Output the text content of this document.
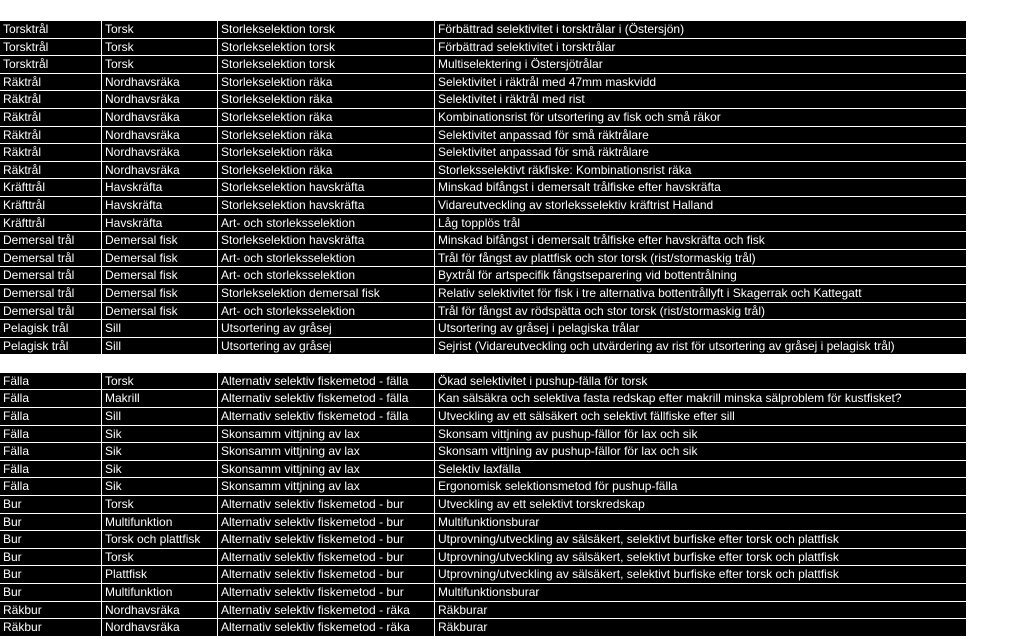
Torsktrål	Torsk	Storlekselektion torsk	Förbättrad selektivitet i torsktrålar i (Östersjön)
Torsktrål	Torsk	Storlekselektion torsk	Förbättrad selektivitet i torsktrålar
Torsktrål	Torsk	Storlekselektion torsk	Multiselektering i Östersjötrålar
Räktrål	Nordhavsräka	Storlekselektion räka	Selektivitet i räktrål med 47mm maskvidd
Räktrål	Nordhavsräka	Storlekselektion räka	Selektivitet i räktrål med rist
Räktrål	Nordhavsräka	Storlekselektion räka	Kombinationsrist för utsortering av fisk och små räkor
Räktrål	Nordhavsräka	Storlekselektion räka	Selektivitet anpassad för små räktrålare
Räktrål	Nordhavsräka	Storlekselektion räka	Selektivitet anpassad för små räktrålare
Räktrål	Nordhavsräka	Storlekselektion räka	Storleksselektivt räkfiske: Kombinationsrist räka
Kräfttrål	Havskräfta	Storlekselektion havskräfta	Minskad bifångst i demersalt trålfiske efter havskräfta
Kräfttrål	Havskräfta	Storlekselektion havskräfta	Vidareutveckling av storleksselektiv kräftrist Halland
Kräfttrål	Havskräfta	Art- och storleksselektion	Låg topplös trål
Demersal trål	Demersal fisk	Storlekselektion havskräfta	Minskad bifångst i demersalt trålfiske efter havskräfta och fisk
Demersal trål	Demersal fisk	Art- och storleksselektion	Trål för fångst av plattfisk och stor torsk (rist/stormaskig trål)
Demersal trål	Demersal fisk	Art- och storleksselektion	Byxtrål för artspecifik fångstseparering vid bottentrålning
Demersal trål	Demersal fisk	Storlekselektion demersal fisk	Relativ selektivitet för fisk i tre alternativa bottentrållyft i Skagerrak och Kattegatt
Demersal trål	Demersal fisk	Art- och storleksselektion	Trål för fångst av rödspätta och stor torsk (rist/stormaskig trål)
Pelagisk trål	Sill	Utsortering av gråsej	Utsortering av gråsej i pelagiska trålar
Pelagisk trål	Sill	Utsortering av gråsej	Sejrist (Vidareutveckling och utvärdering av rist för utsortering av gråsej i pelagisk trål)
Fälla	Torsk	Alternativ selektiv fiskemetod - fälla	Ökad selektivitet i pushup-fälla för torsk
Fälla	Makrill	Alternativ selektiv fiskemetod - fälla	Kan sälsäkra och selektiva fasta redskap efter makrill minska sälproblem för kustfisket?
Fälla	Sill	Alternativ selektiv fiskemetod - fälla	Utveckling av ett sälsäkert och selektivt fällfiske efter sill
Fälla	Sik	Skonsamm vittjning av lax	Skonsam vittjning av pushup-fällor för lax och sik
Fälla	Sik	Skonsamm vittjning av lax	Skonsam vittjning av pushup-fällor för lax och sik
Fälla	Sik	Skonsamm vittjning av lax	Selektiv laxfälla
Fälla	Sik	Skonsamm vittjning av lax	Ergonomisk selektionsmetod för pushup-fälla
Bur	Torsk	Alternativ selektiv fiskemetod - bur	Utveckling av ett selektivt torskredskap
Bur	Multifunktion	Alternativ selektiv fiskemetod - bur	Multifunktionsburar
Bur	Torsk och plattfisk	Alternativ selektiv fiskemetod - bur	Utprovning/utveckling av sälsäkert, selektivt burfiske efter torsk och plattfisk
Bur	Torsk	Alternativ selektiv fiskemetod - bur	Utprovning/utveckling av sälsäkert, selektivt burfiske efter torsk och plattfisk
Bur	Plattfisk	Alternativ selektiv fiskemetod - bur	Utprovning/utveckling av sälsäkert, selektivt burfiske efter torsk och plattfisk
Bur	Multifunktion	Alternativ selektiv fiskemetod - bur	Multifunktionsburar
Räkbur	Nordhavsräka	Alternativ selektiv fiskemetod - räka	Räkburar
Räkbur	Nordhavsräka	Alternativ selektiv fiskemetod - räka	Räkburar
